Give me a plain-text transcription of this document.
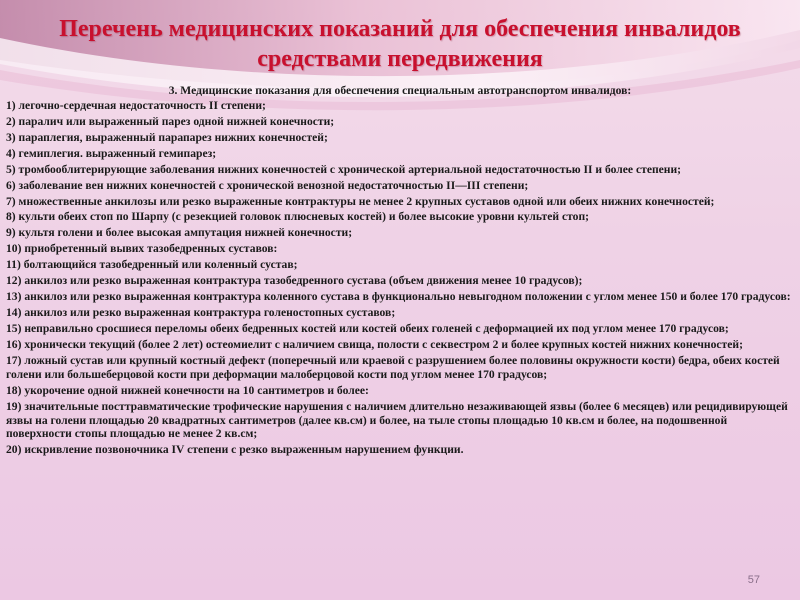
Перечень медицинских показаний для обеспечения инвалидов средствами передвижения
3. Медицинские показания для обеспечения специальным автотранспортом инвалидов:
1) легочно-сердечная недостаточность II степени;
2) паралич или выраженный парез одной нижней конечности;
3) параплегия, выраженный парапарез нижних конечностей;
4) гемиплегия. выраженный гемипарез;
5) тромбооблитерирующие заболевания нижних конечностей с хронической артериальной недостаточностью II и более степени;
6) заболевание вен нижних конечностей с хронической венозной недостаточностью II—III степени;
7) множественные анкилозы или резко выраженные контрактуры не менее 2 крупных суставов одной или обеих нижних конечностей;
8) культи обеих стоп по Шарпу (с резекцией головок плюсневых костей) и более высокие уровни культей стоп;
9) культя голени и более высокая ампутация нижней конечности;
10) приобретенный вывих тазобедренных суставов:
11) болтающийся тазобедренный или коленный сустав;
12) анкилоз или резко выраженная контрактура тазобедренного сустава (объем движения менее 10 градусов);
13) анкилоз или резко выраженная контрактура коленного сустава в функционально невыгодном положении с углом менее 150 и более 170 градусов:
14) анкилоз или резко выраженная контрактура голеностопных суставов;
15) неправильно сросшиеся переломы обеих бедренных костей или костей обеих голеней с деформацией их под углом менее 170 градусов;
16) хронически текущий (более 2 лет) остеомиелит с наличием свища, полости с секвестром 2 и более крупных костей нижних конечностей;
17) ложный сустав или крупный костный дефект (поперечный или краевой с разрушением более половины окружности кости) бедра, обеих костей голени или большеберцовой кости при деформации малоберцовой кости под углом менее 170 градусов;
18) укорочение одной нижней конечности на 10 сантиметров и более:
19) значительные посттравматические трофические нарушения с наличием длительно незаживающей язвы (более 6 месяцев) или рецидивирующей язвы на голени площадью 20 квадратных сантиметров (далее кв.см) и более, на тыле стопы площадью 10 кв.см и более, на подошвенной поверхности стопы площадью не менее 2 кв.см;
20) искривление позвоночника IV степени с резко выраженным нарушением функции.
57
